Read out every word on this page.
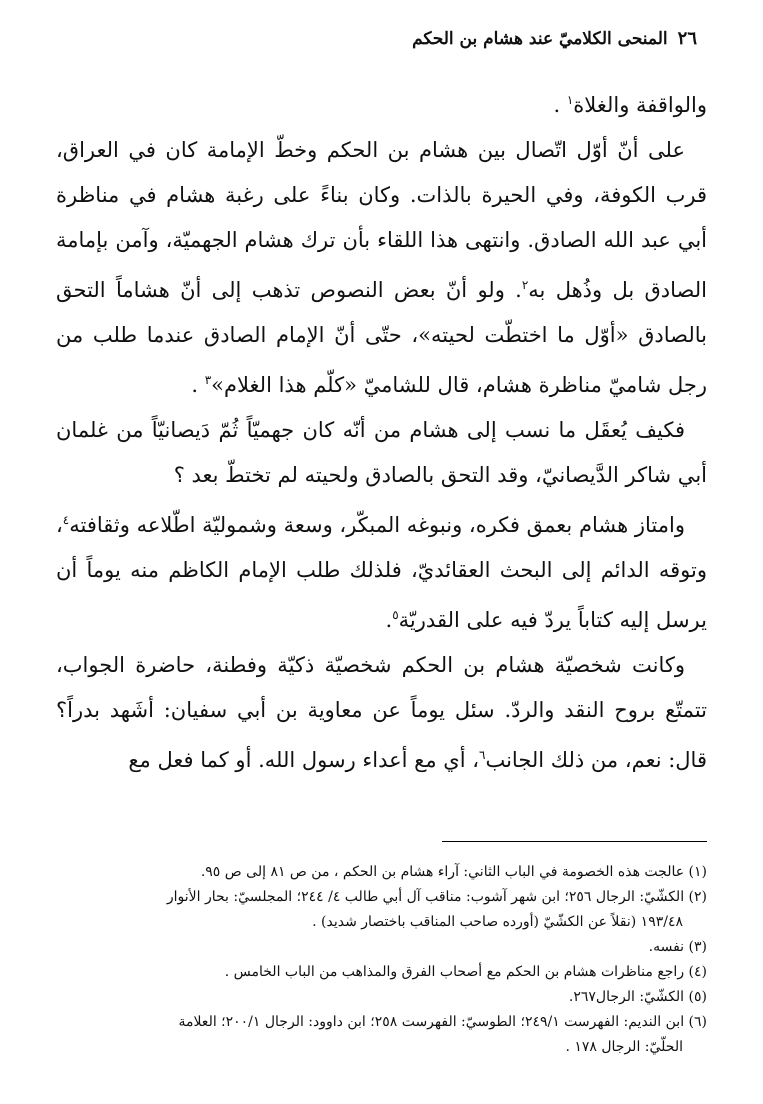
٢٦
المنحى الكلاميّ عند هشام بن الحكم

والواقفة والغلاة$^١$ .

على أنّ أوّل اتّصال بين هشام بن الحكم وخطّ الإمامة كان في العراق، قرب الكوفة، وفي الحيرة بالذات. وكان بناءً على رغبة هشام في مناظرة أبي عبد الله الصادق. وانتهى هذا اللقاء بأن ترك هشام الجهميّة، وآمن بإمامة الصادق بل وذُهل به$^٢$. ولو أنّ بعض النصوص تذهب إلى أنّ هشاماً التحق بالصادق «أوّل ما اختطّت لحيته»، حتّى أنّ الإمام الصادق عندما طلب من رجل شاميّ مناظرة هشام، قال للشاميّ «كلّم هذا الغلام»$^٣$ .

فكيف يُعقَل ما نسب إلى هشام من أنّه كان جهميّاً ثُمّ دَيصانيّاً من غلمان أبي شاكر الدَّيصانيّ، وقد التحق بالصادق ولحيته لم تختطّ بعد ؟

وامتاز هشام بعمق فكره، ونبوغه المبكّر، وسعة وشموليّة اطّلاعه وثقافته$^٤$، وتوقه الدائم إلى البحث العقائديّ، فلذلك طلب الإمام الكاظم منه يوماً أن يرسل إليه كتاباً يردّ فيه على القدريّة$^٥$.

وكانت شخصيّة هشام بن الحكم شخصيّة ذكيّة وفطنة، حاضرة الجواب، تتمتّع بروح النقد والردّ. سئل يوماً عن معاوية بن أبي سفيان: أشَهد بدراً؟ قال: نعم، من ذلك الجانب$^٦$، أي مع أعداء رسول الله. أو كما فعل مع

(١) عالجت هذه الخصومة في الباب الثاني: آراء هشام بن الحكم ، من ص ٨١ إلى ص ٩٥.

(٢) الكشّيّ: الرجال ٢٥٦؛ ابن شهر آشوب: مناقب آل أبي طالب ٤/ ٢٤٤؛ المجلسيّ: بحار الأنوار
١٩٣/٤٨ (نقلاً عن الكشّيّ (أورده صاحب المناقب باختصار شديد) .

(٣) نفسه.

(٤) راجع مناظرات هشام بن الحكم مع أصحاب الفرق والمذاهب من الباب الخامس .

(٥) الكشّيّ: الرجال٢٦٧.

(٦) ابن النديم: الفهرست ٢٤٩/١؛ الطوسيّ: الفهرست ٢٥٨؛ ابن داوود: الرجال ٢٠٠/١؛ العلامة
الحلّيّ: الرجال ١٧٨ .
